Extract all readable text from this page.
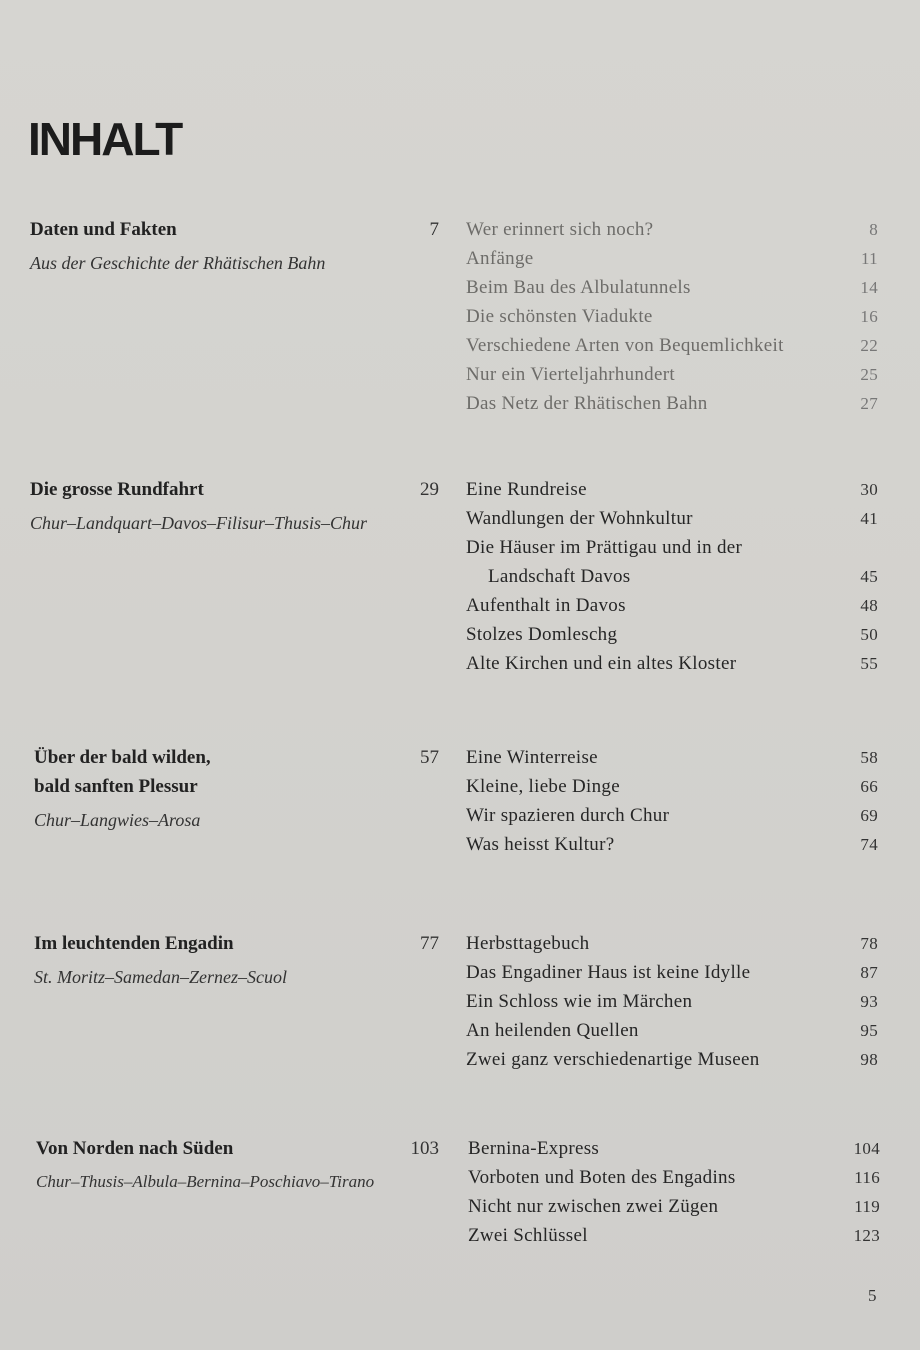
INHALT
Daten und Fakten	7
Aus der Geschichte der Rhätischen Bahn
Wer erinnert sich noch?	8
Anfänge	11
Beim Bau des Albulatunnels	14
Die schönsten Viadukte	16
Verschiedene Arten von Bequemlichkeit	22
Nur ein Vierteljahrhundert	25
Das Netz der Rhätischen Bahn	27
Die grosse Rundfahrt	29
Chur–Landquart–Davos–Filisur–Thusis–Chur
Eine Rundreise	30
Wandlungen der Wohnkultur	41
Die Häuser im Prättigau und in der
Landschaft Davos	45
Aufenthalt in Davos	48
Stolzes Domleschg	50
Alte Kirchen und ein altes Kloster	55
Über der bald wilden,	57
bald sanften Plessur
Chur–Langwies–Arosa
Eine Winterreise	58
Kleine, liebe Dinge	66
Wir spazieren durch Chur	69
Was heisst Kultur?	74
Im leuchtenden Engadin	77
St. Moritz–Samedan–Zernez–Scuol
Herbsttagebuch	78
Das Engadiner Haus ist keine Idylle	87
Ein Schloss wie im Märchen	93
An heilenden Quellen	95
Zwei ganz verschiedenartige Museen	98
Von Norden nach Süden	103
Chur–Thusis–Albula–Bernina–Poschiavo–Tirano
Bernina-Express	104
Vorboten und Boten des Engadins	116
Nicht nur zwischen zwei Zügen	119
Zwei Schlüssel	123
5
